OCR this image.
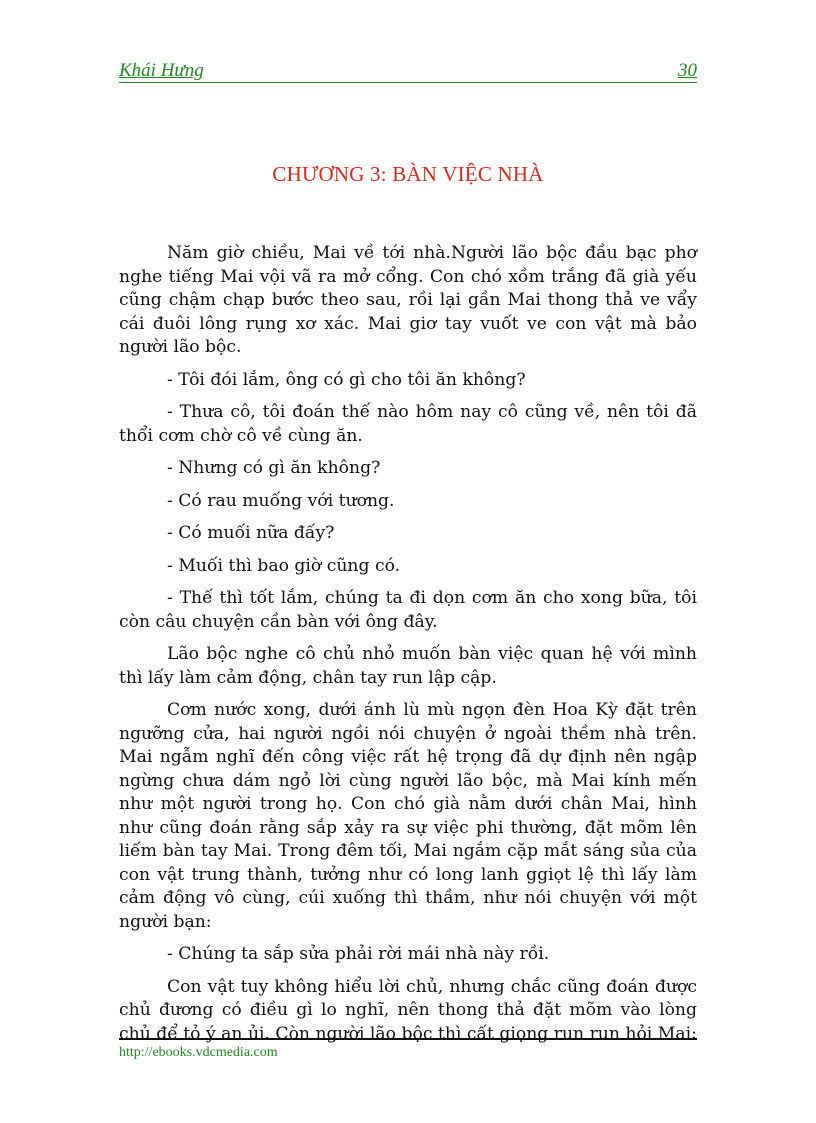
Khái Hưng	30
CHƯƠNG 3: BÀN VIỆC NHÀ

Năm giờ chiều, Mai về tới nhà.Người lão bộc đầu bạc phơ nghe tiếng Mai vội vã ra mở cổng. Con chó xồm trắng đã già yếu cũng chậm chạp bước theo sau, rồi lại gần Mai thong thả ve vẩy cái đuôi lông rụng xơ xác. Mai giơ tay vuốt ve con vật mà bảo người lão bộc.

- Tôi đói lắm, ông có gì cho tôi ăn không?

- Thưa cô, tôi đoán thế nào hôm nay cô cũng về, nên tôi đã thổi cơm chờ cô về cùng ăn.

- Nhưng có gì ăn không?

- Có rau muống với tương.

- Có muối nữa đấy?

- Muối thì bao giờ cũng có.

- Thế thì tốt lắm, chúng ta đi dọn cơm ăn cho xong bữa, tôi còn câu chuyện cần bàn với ông đây.

Lão bộc nghe cô chủ nhỏ muốn bàn việc quan hệ với mình thì lấy làm cảm động, chân tay run lập cập.

Cơm nước xong, dưới ánh lù mù ngọn đèn Hoa Kỳ đặt trên ngưỡng cửa, hai người ngồi nói chuyện ở ngoài thềm nhà trên. Mai ngẫm nghĩ đến công việc rất hệ trọng đã dự định nên ngập ngừng chưa dám ngỏ lời cùng người lão bộc, mà Mai kính mến như một người trong họ. Con chó già nằm dưới chân Mai, hình như cũng đoán rằng sắp xảy ra sự việc phi thường, đặt mõm lên liếm bàn tay Mai. Trong đêm tối, Mai ngắm cặp mắt sáng sủa của con vật trung thành, tưởng như có long lanh ggiọt lệ thì lấy làm cảm động vô cùng, cúi xuống thì thầm, như nói chuyện với một người bạn:

- Chúng ta sắp sửa phải rời mái nhà này rồi.

Con vật tuy không hiểu lời chủ, nhưng chắc cũng đoán được chủ đương có điều gì lo nghĩ, nên thong thả đặt mõm vào lòng chủ để tỏ ý an ủi. Còn người lão bộc thì cất giọng run run hỏi Mai:

http://ebooks.vdcmedia.com
